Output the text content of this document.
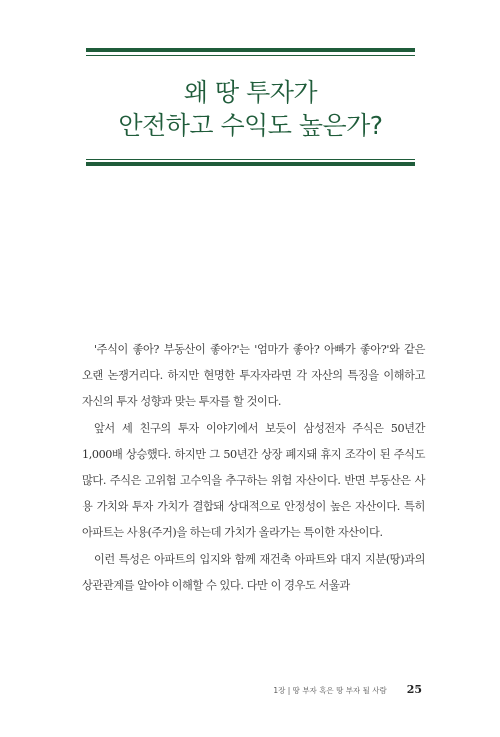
왜 땅 투자가
안전하고 수익도 높은가?

'주식이 좋아? 부동산이 좋아?'는 '엄마가 좋아? 아빠가 좋아?'와 같은 오랜 논쟁거리다. 하지만 현명한 투자자라면 각 자산의 특징을 이해하고 자신의 투자 성향과 맞는 투자를 할 것이다.

앞서 세 친구의 투자 이야기에서 보듯이 삼성전자 주식은 50년간 1,000배 상승했다. 하지만 그 50년간 상장 폐지돼 휴지 조각이 된 주식도 많다. 주식은 고위험 고수익을 추구하는 위험 자산이다. 반면 부동산은 사용 가치와 투자 가치가 결합돼 상대적으로 안정성이 높은 자산이다. 특히 아파트는 사용(주거)을 하는데 가치가 올라가는 특이한 자산이다.

이런 특성은 아파트의 입지와 함께 재건축 아파트와 대지 지분(땅)과의 상관관계를 알아야 이해할 수 있다. 다만 이 경우도 서울과

1장 | 땅 부자 혹은 땅 부자 될 사람 25
